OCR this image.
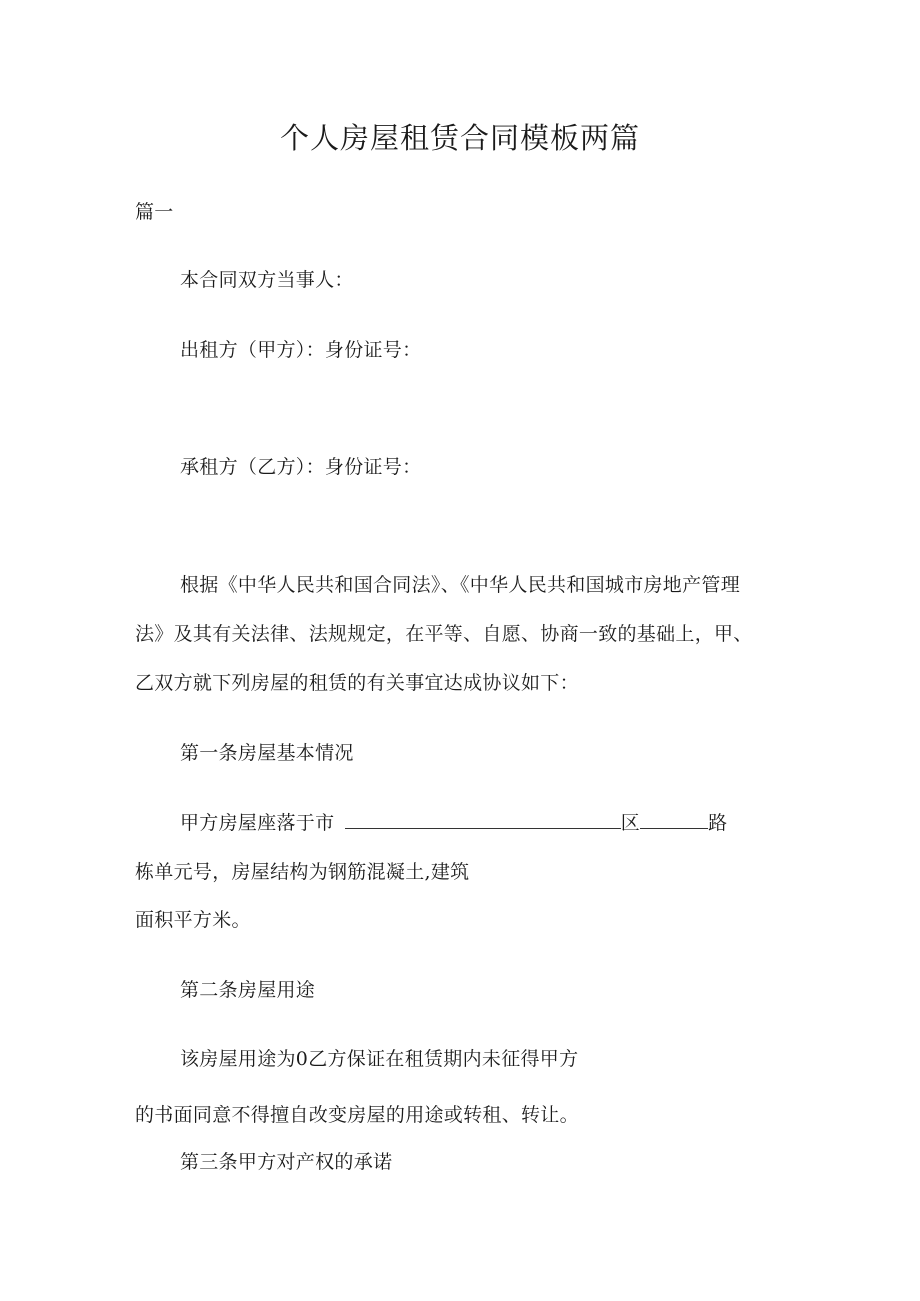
个人房屋租赁合同模板两篇
篇一
本合同双方当事人：
出租方（甲方）：身份证号：
承租方（乙方）：身份证号：
根据《中华人民共和国合同法》、《中华人民共和国城市房地产管理
法》及其有关法律、法规规定，在平等、自愿、协商一致的基础上，甲、
乙双方就下列房屋的租赁的有关事宜达成协议如下：
第一条房屋基本情况
甲方房屋座落于市	区	路
栋单元号，房屋结构为钢筋混凝土,建筑
面积平方米。
第二条房屋用途
该房屋用途为0乙方保证在租赁期内未征得甲方
的书面同意不得擅自改变房屋的用途或转租、转让。
第三条甲方对产权的承诺
